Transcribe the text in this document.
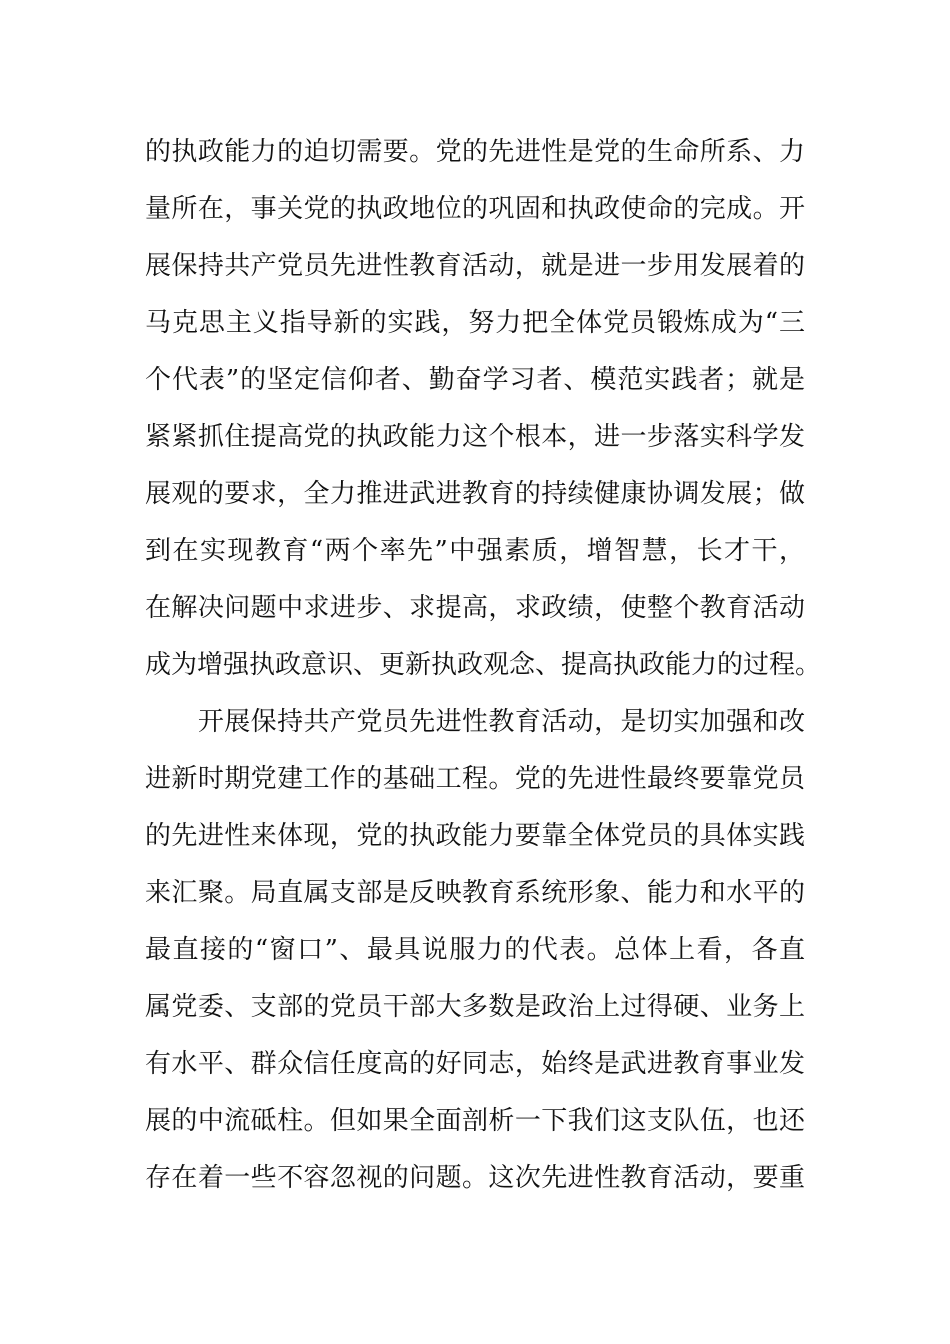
的执政能力的迫切需要。党的先进性是党的生命所系、力
量所在，事关党的执政地位的巩固和执政使命的完成。开
展保持共产党员先进性教育活动，就是进一步用发展着的
马克思主义指导新的实践，努力把全体党员锻炼成为“三
个代表”的坚定信仰者、勤奋学习者、模范实践者；就是
紧紧抓住提高党的执政能力这个根本，进一步落实科学发
展观的要求，全力推进武进教育的持续健康协调发展；做
到在实现教育“两个率先”中强素质，增智慧，长才干，
在解决问题中求进步、求提高，求政绩，使整个教育活动
成为增强执政意识、更新执政观念、提高执政能力的过程。
　　开展保持共产党员先进性教育活动，是切实加强和改
进新时期党建工作的基础工程。党的先进性最终要靠党员
的先进性来体现，党的执政能力要靠全体党员的具体实践
来汇聚。局直属支部是反映教育系统形象、能力和水平的
最直接的“窗口”、最具说服力的代表。总体上看，各直
属党委、支部的党员干部大多数是政治上过得硬、业务上
有水平、群众信任度高的好同志，始终是武进教育事业发
展的中流砥柱。但如果全面剖析一下我们这支队伍，也还
存在着一些不容忽视的问题。这次先进性教育活动，要重
